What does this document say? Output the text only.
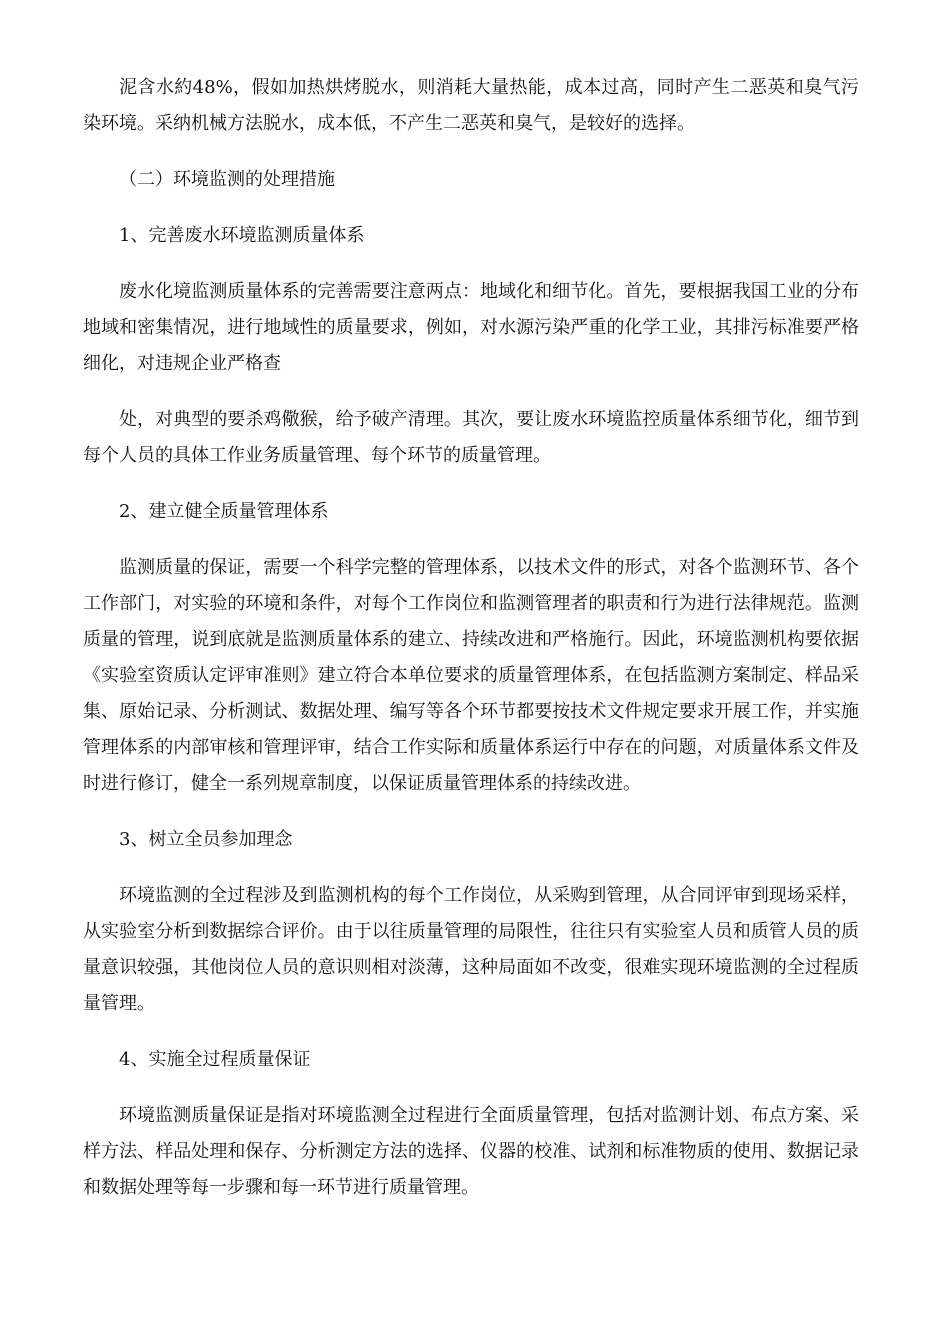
泥含水約48%，假如加热烘烤脱水，则消耗大量热能，成本过高，同时产生二恶英和臭气污染环境。采纳机械方法脱水，成本低，不产生二恶英和臭气，是较好的选择。

（二）环境监测的处理措施

1、完善废水环境监测质量体系

废水化境监测质量体系的完善需要注意两点：地域化和细节化。首先，要根据我国工业的分布地域和密集情况，进行地域性的质量要求，例如，对水源污染严重的化学工业，其排污标准要严格细化，对违规企业严格查

处，对典型的要杀鸡儆猴，给予破产清理。其次，要让废水环境监控质量体系细节化，细节到每个人员的具体工作业务质量管理、每个环节的质量管理。

2、建立健全质量管理体系

监测质量的保证，需要一个科学完整的管理体系，以技术文件的形式，对各个监测环节、各个工作部门，对实验的环境和条件，对每个工作岗位和监测管理者的职责和行为进行法律规范。监测质量的管理，说到底就是监测质量体系的建立、持续改进和严格施行。因此，环境监测机构要依据《实验室资质认定评审准则》建立符合本单位要求的质量管理体系，在包括监测方案制定、样品采集、原始记录、分析测试、数据处理、编写等各个环节都要按技术文件规定要求开展工作，并实施管理体系的内部审核和管理评审，结合工作实际和质量体系运行中存在的问题，对质量体系文件及时进行修订，健全一系列规章制度，以保证质量管理体系的持续改进。

3、树立全员参加理念

环境监测的全过程涉及到监测机构的每个工作岗位，从采购到管理，从合同评审到现场采样，从实验室分析到数据综合评价。由于以往质量管理的局限性，往往只有实验室人员和质管人员的质量意识较强，其他岗位人员的意识则相对淡薄，这种局面如不改变，很难实现环境监测的全过程质量管理。

4、实施全过程质量保证

环境监测质量保证是指对环境监测全过程进行全面质量管理，包括对监测计划、布点方案、采样方法、样品处理和保存、分析测定方法的选择、仪器的校准、试剂和标准物质的使用、数据记录和数据处理等每一步骤和每一环节进行质量管理。
